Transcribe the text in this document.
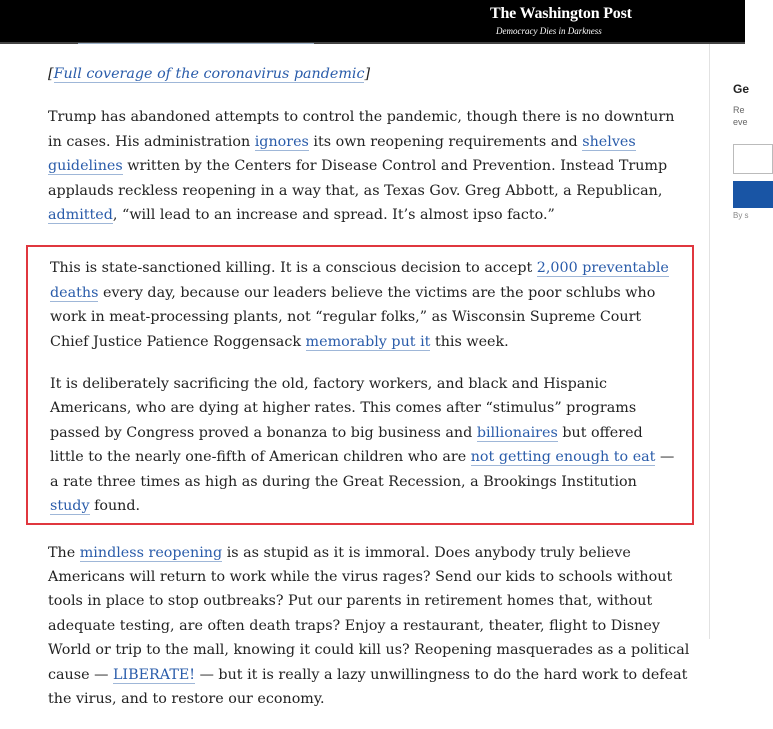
The Washington Post
Democracy Dies in Darkness

[Full coverage of the coronavirus pandemic]

Trump has abandoned attempts to control the pandemic, though there is no downturn in cases. His administration ignores its own reopening requirements and shelves guidelines written by the Centers for Disease Control and Prevention. Instead Trump applauds reckless reopening in a way that, as Texas Gov. Greg Abbott, a Republican, admitted, “will lead to an increase and spread. It’s almost ipso facto.”

This is state-sanctioned killing. It is a conscious decision to accept 2,000 preventable deaths every day, because our leaders believe the victims are the poor schlubs who work in meat-processing plants, not “regular folks,” as Wisconsin Supreme Court Chief Justice Patience Roggensack memorably put it this week.

It is deliberately sacrificing the old, factory workers, and black and Hispanic Americans, who are dying at higher rates. This comes after “stimulus” programs passed by Congress proved a bonanza to big business and billionaires but offered little to the nearly one-fifth of American children who are not getting enough to eat — a rate three times as high as during the Great Recession, a Brookings Institution study found.

The mindless reopening is as stupid as it is immoral. Does anybody truly believe Americans will return to work while the virus rages? Send our kids to schools without tools in place to stop outbreaks? Put our parents in retirement homes that, without adequate testing, are often death traps? Enjoy a restaurant, theater, flight to Disney World or trip to the mall, knowing it could kill us? Reopening masquerades as a political cause — LIBERATE! — but it is really a lazy unwillingness to do the hard work to defeat the virus, and to restore our economy.

Ge
Re
eve
By s
